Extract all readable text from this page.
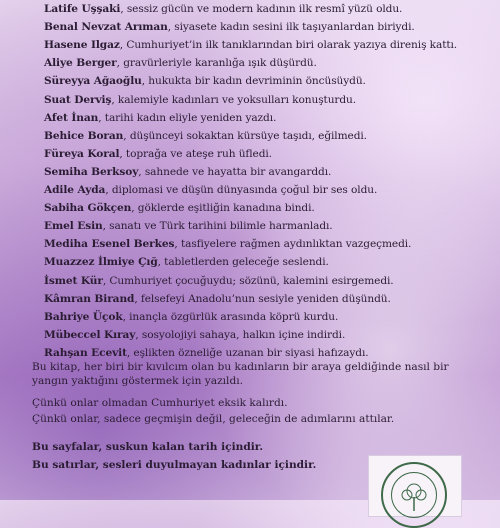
Latife Uşşaki, sessiz gücün ve modern kadının ilk resmî yüzü oldu.
Benal Nevzat Arıman, siyasete kadın sesini ilk taşıyanlardan biriydi.
Hasene Ilgaz, Cumhuriyet’in ilk tanıklarından biri olarak yazıya direniş kattı.
Aliye Berger, gravürleriyle karanlığa ışık düşürdü.
Süreyya Ağaoğlu, hukukta bir kadın devriminin öncüsüydü.
Suat Derviş, kalemiyle kadınları ve yoksulları konuşturdu.
Afet İnan, tarihi kadın eliyle yeniden yazdı.
Behice Boran, düşünceyi sokaktan kürsüye taşıdı, eğilmedi.
Füreya Koral, toprağa ve ateşe ruh üfledi.
Semiha Berksoy, sahnede ve hayatta bir avangarddı.
Adile Ayda, diplomasi ve düşün dünyasında çoğul bir ses oldu.
Sabiha Gökçen, göklerde eşitliğin kanadına bindi.
Emel Esin, sanatı ve Türk tarihini bilimle harmanladı.
Mediha Esenel Berkes, tasfiyelere rağmen aydınlıktan vazgeçmedi.
Muazzez İlmiye Çığ, tabletlerden geleceğe seslendi.
İsmet Kür, Cumhuriyet çocuğuydu; sözünü, kalemini esirgemedi.
Kâmran Birand, felsefeyi Anadolu’nun sesiyle yeniden düşündü.
Bahriye Üçok, inançla özgürlük arasında köprü kurdu.
Mübeccel Kıray, sosyolojiyi sahaya, halkın içine indirdi.
Rahşan Ecevit, eşlikten özneliğe uzanan bir siyasi hafızaydı.
Bu kitap, her biri bir kıvılcım olan bu kadınların bir araya geldiğinde nasıl bir
yangın yaktığını göstermek için yazıldı.
Çünkü onlar olmadan Cumhuriyet eksik kalırdı.
Çünkü onlar, sadece geçmişin değil, geleceğin de adımlarını attılar.
Bu sayfalar, suskun kalan tarih içindir.
Bu satırlar, sesleri duyulmayan kadınlar içindir.
